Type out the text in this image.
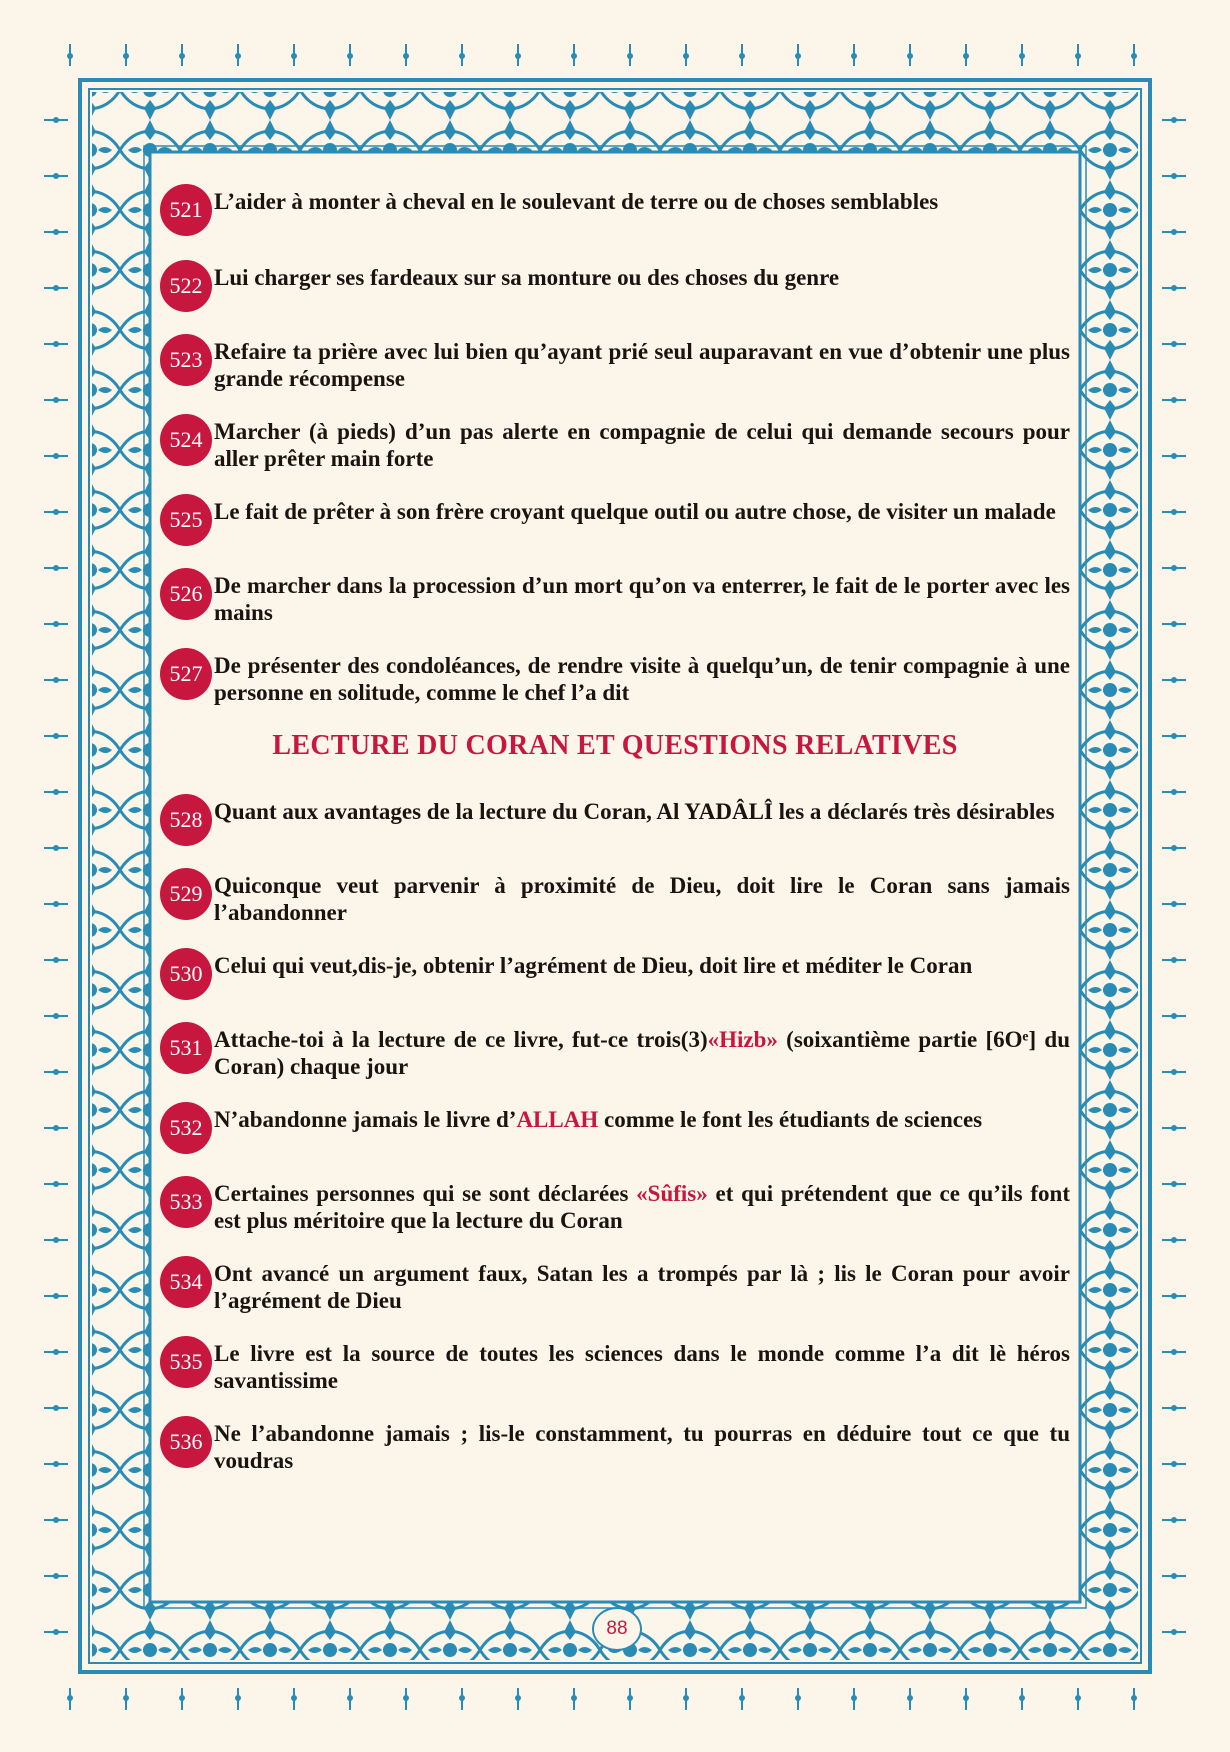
521 L’aider à monter à cheval en le soulevant de terre ou de choses semblables
522 Lui charger ses fardeaux sur sa monture ou des choses du genre
523 Refaire ta prière avec lui bien qu’ayant prié seul auparavant en vue d’obtenir une plus grande récompense
524 Marcher (à pieds) d’un pas alerte en compagnie de celui qui demande secours pour aller prêter main forte
525 Le fait de prêter à son frère croyant quelque outil ou autre chose, de visiter un malade
526 De marcher dans la procession d’un mort qu’on va enterrer, le fait de le porter avec les mains
527 De présenter des condoléances, de rendre visite à quelqu’un, de tenir compagnie à une personne en solitude, comme le chef l’a dit
LECTURE DU CORAN ET QUESTIONS RELATIVES
528 Quant aux avantages de la lecture du Coran, Al YADÂLÎ les a déclarés très désirables
529 Quiconque veut parvenir à proximité de Dieu, doit lire le Coran sans jamais l’abandonner
530 Celui qui veut,dis-je, obtenir l’agrément de Dieu, doit lire et méditer le Coran
531 Attache-toi à la lecture de ce livre, fut-ce trois(3)«Hizb» (soixantième partie [6Oᵉ] du Coran) chaque jour
532 N’abandonne jamais le livre d’ALLAH comme le font les étudiants de sciences
533 Certaines personnes qui se sont déclarées «Sûfis» et qui prétendent que ce qu’ils font est plus méritoire que la lecture du Coran
534 Ont avancé un argument faux, Satan les a trompés par là ; lis le Coran pour avoir l’agrément de Dieu
535 Le livre est la source de toutes les sciences dans le monde comme l’a dit lè héros savantissime
536 Ne l’abandonne jamais ; lis-le constamment, tu pourras en déduire tout ce que tu voudras
88
